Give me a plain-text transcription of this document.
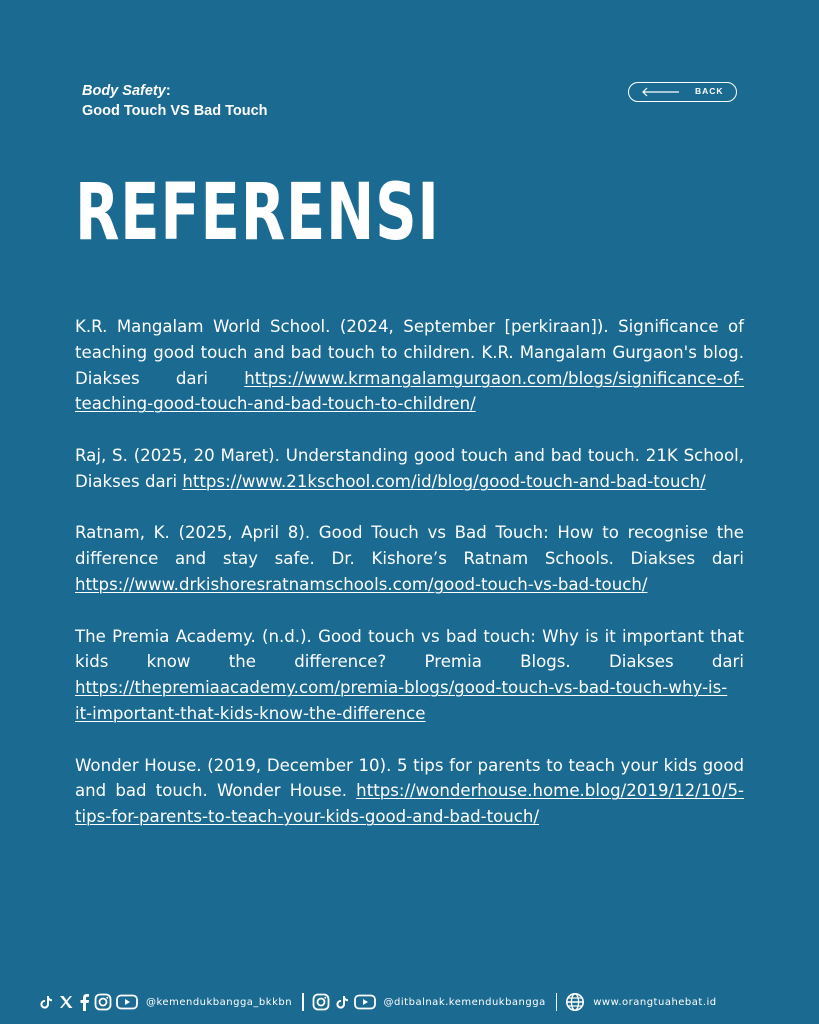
Body Safety:
Good Touch VS Bad Touch
BACK
REFERENSI

K.R. Mangalam World School. (2024, September [perkiraan]). Significance of teaching good touch and bad touch to children. K.R. Mangalam Gurgaon's blog. Diakses dari https://www.krmangalamgurgaon.com/blogs/significance-of-teaching-good-touch-and-bad-touch-to-children/

Raj, S. (2025, 20 Maret). Understanding good touch and bad touch. 21K School, Diakses dari https://www.21kschool.com/id/blog/good-touch-and-bad-touch/

Ratnam, K. (2025, April 8). Good Touch vs Bad Touch: How to recognise the difference and stay safe. Dr. Kishore’s Ratnam Schools. Diakses dari https://www.drkishoresratnamschools.com/good-touch-vs-bad-touch/

The Premia Academy. (n.d.). Good touch vs bad touch: Why is it important that kids know the difference? Premia Blogs. Diakses dari https://thepremiaacademy.com/premia-blogs/good-touch-vs-bad-touch-why-is-it-important-that-kids-know-the-difference

Wonder House. (2019, December 10). 5 tips for parents to teach your kids good and bad touch. Wonder House. https://wonderhouse.home.blog/2019/12/10/5-tips-for-parents-to-teach-your-kids-good-and-bad-touch/

@kemendukbangga_bkkbn	@ditbalnak.kemendukbangga	www.orangtuahebat.id
